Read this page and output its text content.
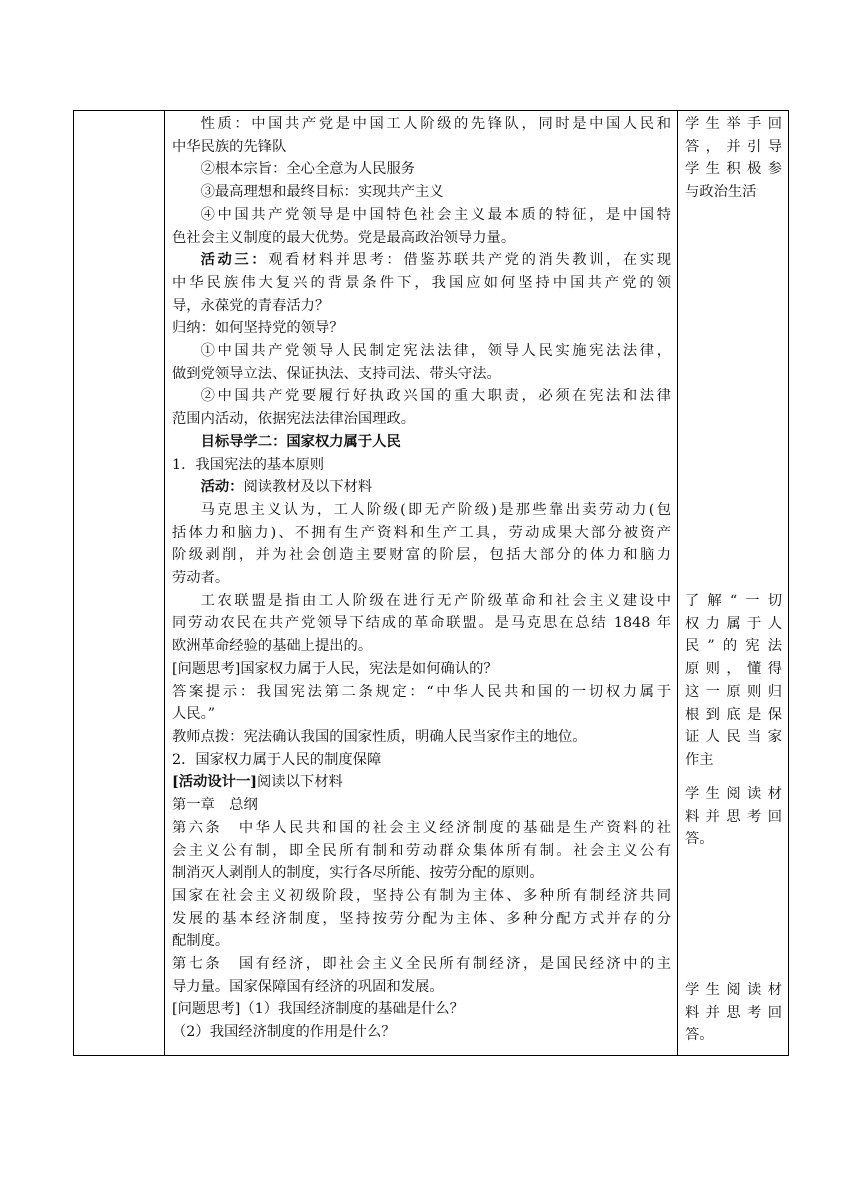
性质：中国共产党是中国工人阶级的先锋队，同时是中国人民和
中华民族的先锋队
②根本宗旨：全心全意为人民服务
③最高理想和最终目标：实现共产主义
④中国共产党领导是中国特色社会主义最本质的特征，是中国特
色社会主义制度的最大优势。党是最高政治领导力量。
活动三：观看材料并思考：借鉴苏联共产党的消失教训，在实现
中华民族伟大复兴的背景条件下，我国应如何坚持中国共产党的领
导，永葆党的青春活力？
归纳：如何坚持党的领导？
①中国共产党领导人民制定宪法法律，领导人民实施宪法法律，
做到党领导立法、保证执法、支持司法、带头守法。
②中国共产党要履行好执政兴国的重大职责，必须在宪法和法律
范围内活动，依据宪法法律治国理政。
目标导学二：国家权力属于人民
1．我国宪法的基本原则
活动：阅读教材及以下材料
马克思主义认为，工人阶级(即无产阶级)是那些靠出卖劳动力(包
括体力和脑力)、不拥有生产资料和生产工具，劳动成果大部分被资产
阶级剥削，并为社会创造主要财富的阶层，包括大部分的体力和脑力
劳动者。
工农联盟是指由工人阶级在进行无产阶级革命和社会主义建设中
同劳动农民在共产党领导下结成的革命联盟。是马克思在总结 1848 年
欧洲革命经验的基础上提出的。
[问题思考]国家权力属于人民，宪法是如何确认的？
答案提示：我国宪法第二条规定：“中华人民共和国的一切权力属于
人民。”
教师点拨：宪法确认我国的国家性质，明确人民当家作主的地位。
2．国家权力属于人民的制度保障
[活动设计一]阅读以下材料
第一章　总纲
第六条　中华人民共和国的社会主义经济制度的基础是生产资料的社
会主义公有制，即全民所有制和劳动群众集体所有制。社会主义公有
制消灭人剥削人的制度，实行各尽所能、按劳分配的原则。
国家在社会主义初级阶段，坚持公有制为主体、多种所有制经济共同
发展的基本经济制度，坚持按劳分配为主体、多种分配方式并存的分
配制度。
第七条　国有经济，即社会主义全民所有制经济，是国民经济中的主
导力量。国家保障国有经济的巩固和发展。
[问题思考]（1）我国经济制度的基础是什么？
（2）我国经济制度的作用是什么？
学生举手回
答，并引导
学生积极参
与政治生活
了解“一切
权力属于人
民”的宪法
原则，懂得
这一原则归
根到底是保
证人民当家
作主
学生阅读材
料并思考回
答。
学生阅读材
料并思考回
答。
